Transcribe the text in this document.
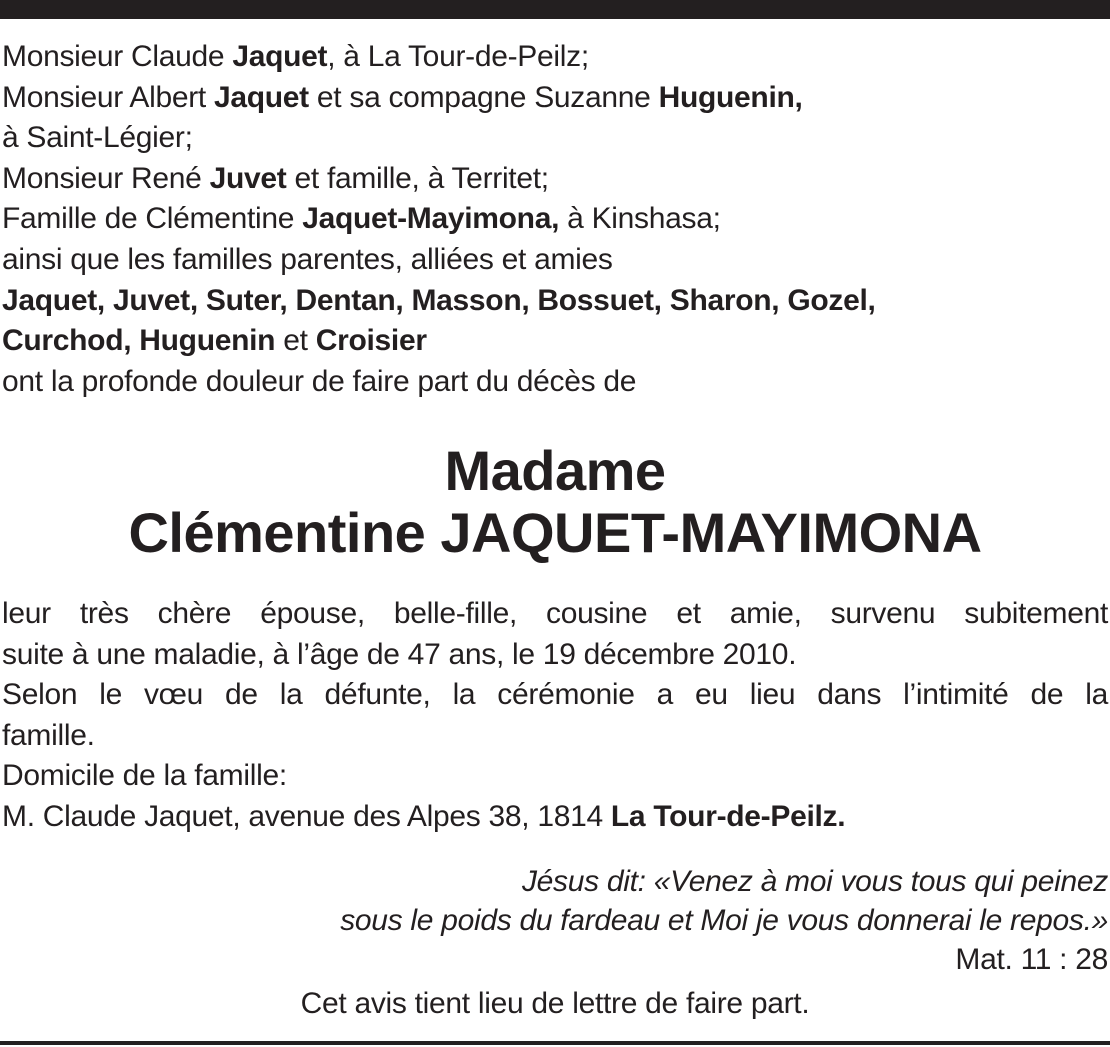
Monsieur Claude Jaquet, à La Tour-de-Peilz;
Monsieur Albert Jaquet et sa compagne Suzanne Huguenin,
à Saint-Légier;
Monsieur René Juvet et famille, à Territet;
Famille de Clémentine Jaquet-Mayimona, à Kinshasa;
ainsi que les familles parentes, alliées et amies
Jaquet, Juvet, Suter, Dentan, Masson, Bossuet, Sharon, Gozel,
Curchod, Huguenin et Croisier
ont la profonde douleur de faire part du décès de
Madame
Clémentine JAQUET-MAYIMONA
leur très chère épouse, belle-fille, cousine et amie, survenu subitement
suite à une maladie, à l’âge de 47 ans, le 19 décembre 2010.
Selon le vœu de la défunte, la cérémonie a eu lieu dans l’intimité de la
famille.
Domicile de la famille:
M. Claude Jaquet, avenue des Alpes 38, 1814 La Tour-de-Peilz.
Jésus dit: «Venez à moi vous tous qui peinez
sous le poids du fardeau et Moi je vous donnerai le repos.»
Mat. 11 : 28
Cet avis tient lieu de lettre de faire part.
